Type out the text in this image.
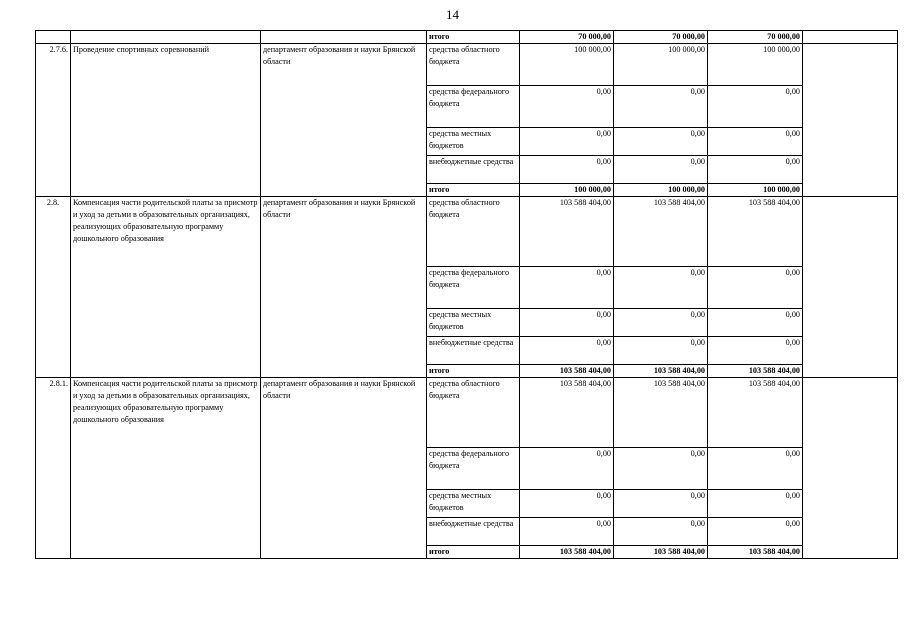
14
			итого	70 000,00	70 000,00	70 000,00	
2.7.6.	Проведение спортивных соревнований	департамент образования и науки Брянской области	средства областного бюджета	100 000,00	100 000,00	100 000,00	
			средства федерального бюджета	0,00	0,00	0,00	
			средства местных бюджетов	0,00	0,00	0,00	
			внебюджетные средства	0,00	0,00	0,00	
			итого	100 000,00	100 000,00	100 000,00	
2.8.	Компенсация части родительской платы за присмотр и уход за детьми в образовательных организациях, реализующих образовательную программу дошкольного образования	департамент образования и науки Брянской области	средства областного бюджета	103 588 404,00	103 588 404,00	103 588 404,00	
			средства федерального бюджета	0,00	0,00	0,00	
			средства местных бюджетов	0,00	0,00	0,00	
			внебюджетные средства	0,00	0,00	0,00	
			итого	103 588 404,00	103 588 404,00	103 588 404,00	
2.8.1.	Компенсация части родительской платы за присмотр и уход за детьми в образовательных организациях, реализующих образовательную программу дошкольного образования	департамент образования и науки Брянской области	средства областного бюджета	103 588 404,00	103 588 404,00	103 588 404,00	
			средства федерального бюджета	0,00	0,00	0,00	
			средства местных бюджетов	0,00	0,00	0,00	
			внебюджетные средства	0,00	0,00	0,00	
			итого	103 588 404,00	103 588 404,00	103 588 404,00	
